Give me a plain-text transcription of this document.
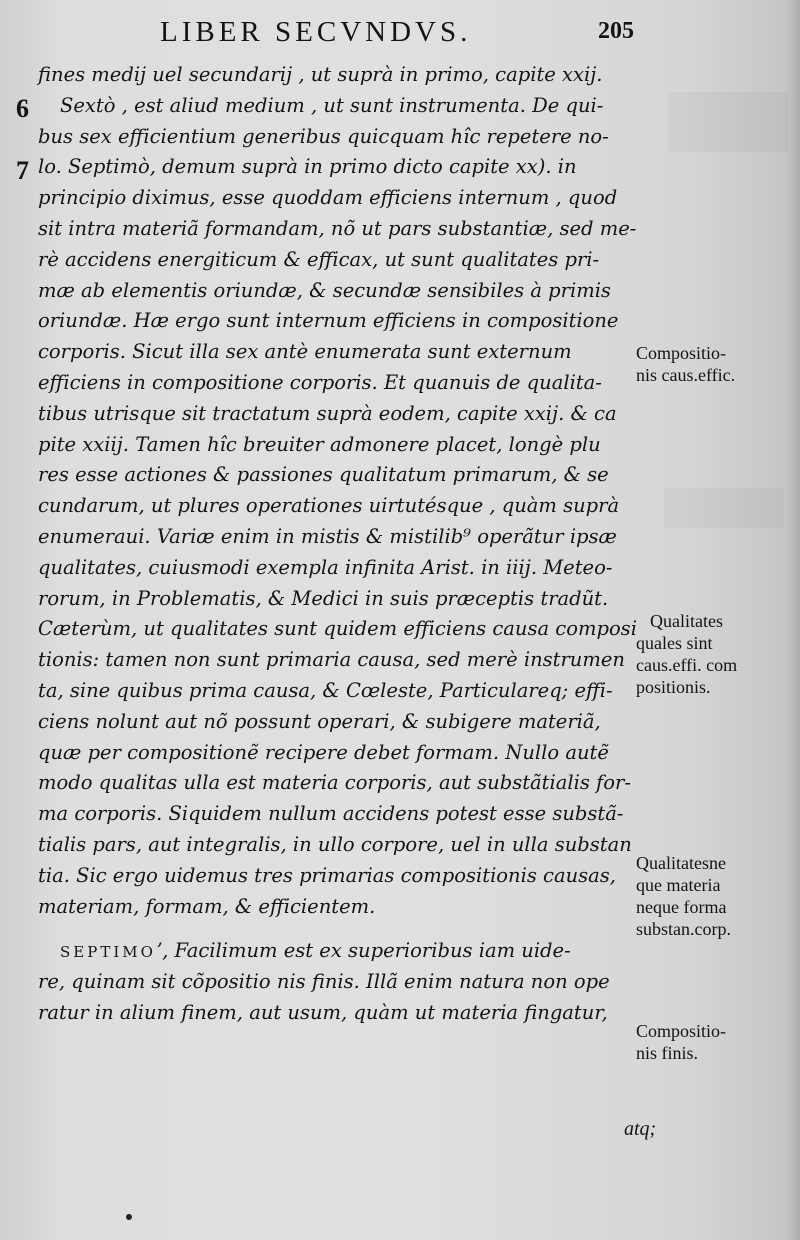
LIBER SECVNDVS.	205
6
7
fines medij uel secundarij , ut suprà in primo, capite xxij.
Sextò , est aliud medium , ut sunt instrumenta. De qui-
bus sex efficientium generibus quicquam hîc repetere no-
lo. Septimò, demum suprà in primo dicto capite xx). in
principio diximus, esse quoddam efficiens internum , quod
sit intra materiã formandam, nõ ut pars substantiæ, sed me-
rè accidens energiticum & efficax, ut sunt qualitates pri-
mæ ab elementis oriundæ, & secundæ sensibiles à primis
oriundæ. Hæ ergo sunt internum efficiens in compositione
corporis. Sicut illa sex antè enumerata sunt externum
efficiens in compositione corporis. Et quanuis de qualita-
tibus utrisque sit tractatum suprà eodem, capite xxij. & ca
pite xxiij. Tamen hîc breuiter admonere placet, longè plu
res esse actiones & passiones qualitatum primarum, & se
cundarum, ut plures operationes uirtutésque , quàm suprà
enumeraui. Variæ enim in mistis & mistilib⁹ operãtur ipsæ
qualitates, cuiusmodi exempla infinita Arist. in iiij. Meteo-
rorum, in Problematis, & Medici in suis præceptis tradũt.
Cæterùm, ut qualitates sunt quidem efficiens causa composi
tionis: tamen non sunt primaria causa, sed merè instrumen
ta, sine quibus prima causa, & Cœleste, Particulareq; effi-
ciens nolunt aut nõ possunt operari, & subigere materiã,
quæ per compositionẽ recipere debet formam. Nullo autẽ
modo qualitas ulla est materia corporis, aut substãtialis for-
ma corporis. Siquidem nullum accidens potest esse substã-
tialis pars, aut integralis, in ullo corpore, uel in ulla substan
tia. Sic ergo uidemus tres primarias compositionis causas,
materiam, formam, & efficientem.
SEPTIMOʼ, Facilimum est ex superioribus iam uide-
re, quinam sit cõpositio nis finis. Illã enim natura non ope
ratur in alium finem, aut usum, quàm ut materia fingatur,
Compositio-
nis caus.effic.
Qualitates
quales sint
caus.effi. com
positionis.
Qualitatesne
que materia
neque forma
substan.corp.
Compositio-
nis finis.
atq;
